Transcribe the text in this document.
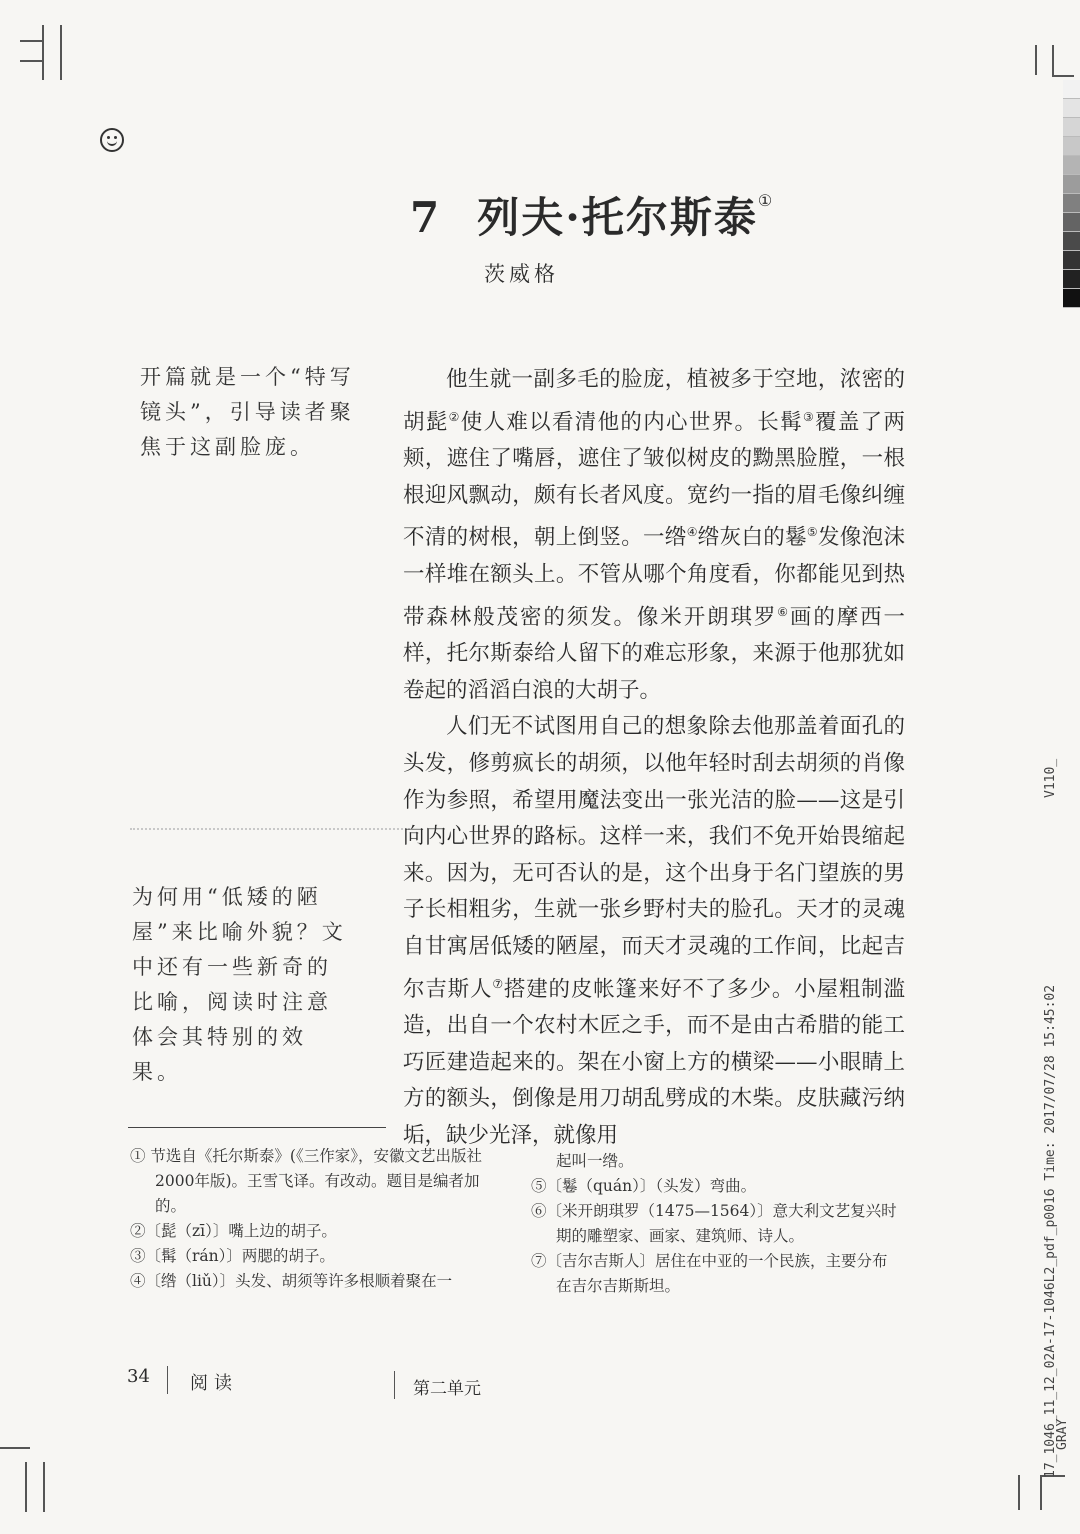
7 列夫·托尔斯泰①
茨威格
开篇就是一个“特写镜头”，引导读者聚焦于这副脸庞。
为何用“低矮的陋屋”来比喻外貌？文中还有一些新奇的比喻，阅读时注意体会其特别的效果。

他生就一副多毛的脸庞，植被多于空地，浓密的胡髭②使人难以看清他的内心世界。长髯③覆盖了两颊，遮住了嘴唇，遮住了皱似树皮的黝黑脸膛，一根根迎风飘动，颇有长者风度。宽约一指的眉毛像纠缠不清的树根，朝上倒竖。一绺④绺灰白的鬈⑤发像泡沫一样堆在额头上。不管从哪个角度看，你都能见到热带森林般茂密的须发。像米开朗琪罗⑥画的摩西一样，托尔斯泰给人留下的难忘形象，来源于他那犹如卷起的滔滔白浪的大胡子。

人们无不试图用自己的想象除去他那盖着面孔的头发，修剪疯长的胡须，以他年轻时刮去胡须的肖像作为参照，希望用魔法变出一张光洁的脸——这是引向内心世界的路标。这样一来，我们不免开始畏缩起来。因为，无可否认的是，这个出身于名门望族的男子长相粗劣，生就一张乡野村夫的脸孔。天才的灵魂自甘寓居低矮的陋屋，而天才灵魂的工作间，比起吉尔吉斯人⑦搭建的皮帐篷来好不了多少。小屋粗制滥造，出自一个农村木匠之手，而不是由古希腊的能工巧匠建造起来的。架在小窗上方的横梁——小眼睛上方的额头，倒像是用刀胡乱劈成的木柴。皮肤藏污纳垢，缺少光泽，就像用

① 节选自《托尔斯泰》(《三作家》，安徽文艺出版社2000年版)。王雪飞译。有改动。题目是编者加的。
②〔髭（zī）〕嘴上边的胡子。
③〔髯（rán）〕两腮的胡子。
④〔绺（liǔ）〕头发、胡须等许多根顺着聚在一
起叫一绺。
⑤〔鬈（quán）〕（头发）弯曲。
⑥〔米开朗琪罗（1475—1564）〕意大利文艺复兴时期的雕塑家、画家、建筑师、诗人。
⑦〔吉尔吉斯人〕居住在中亚的一个民族，主要分布在吉尔吉斯斯坦。
34 阅读	第二单元
V110_
17_1046_11_12_02A-17-1046L2_pdf_p0016 Time: 2017/07/28 15:45:02
GRAY
